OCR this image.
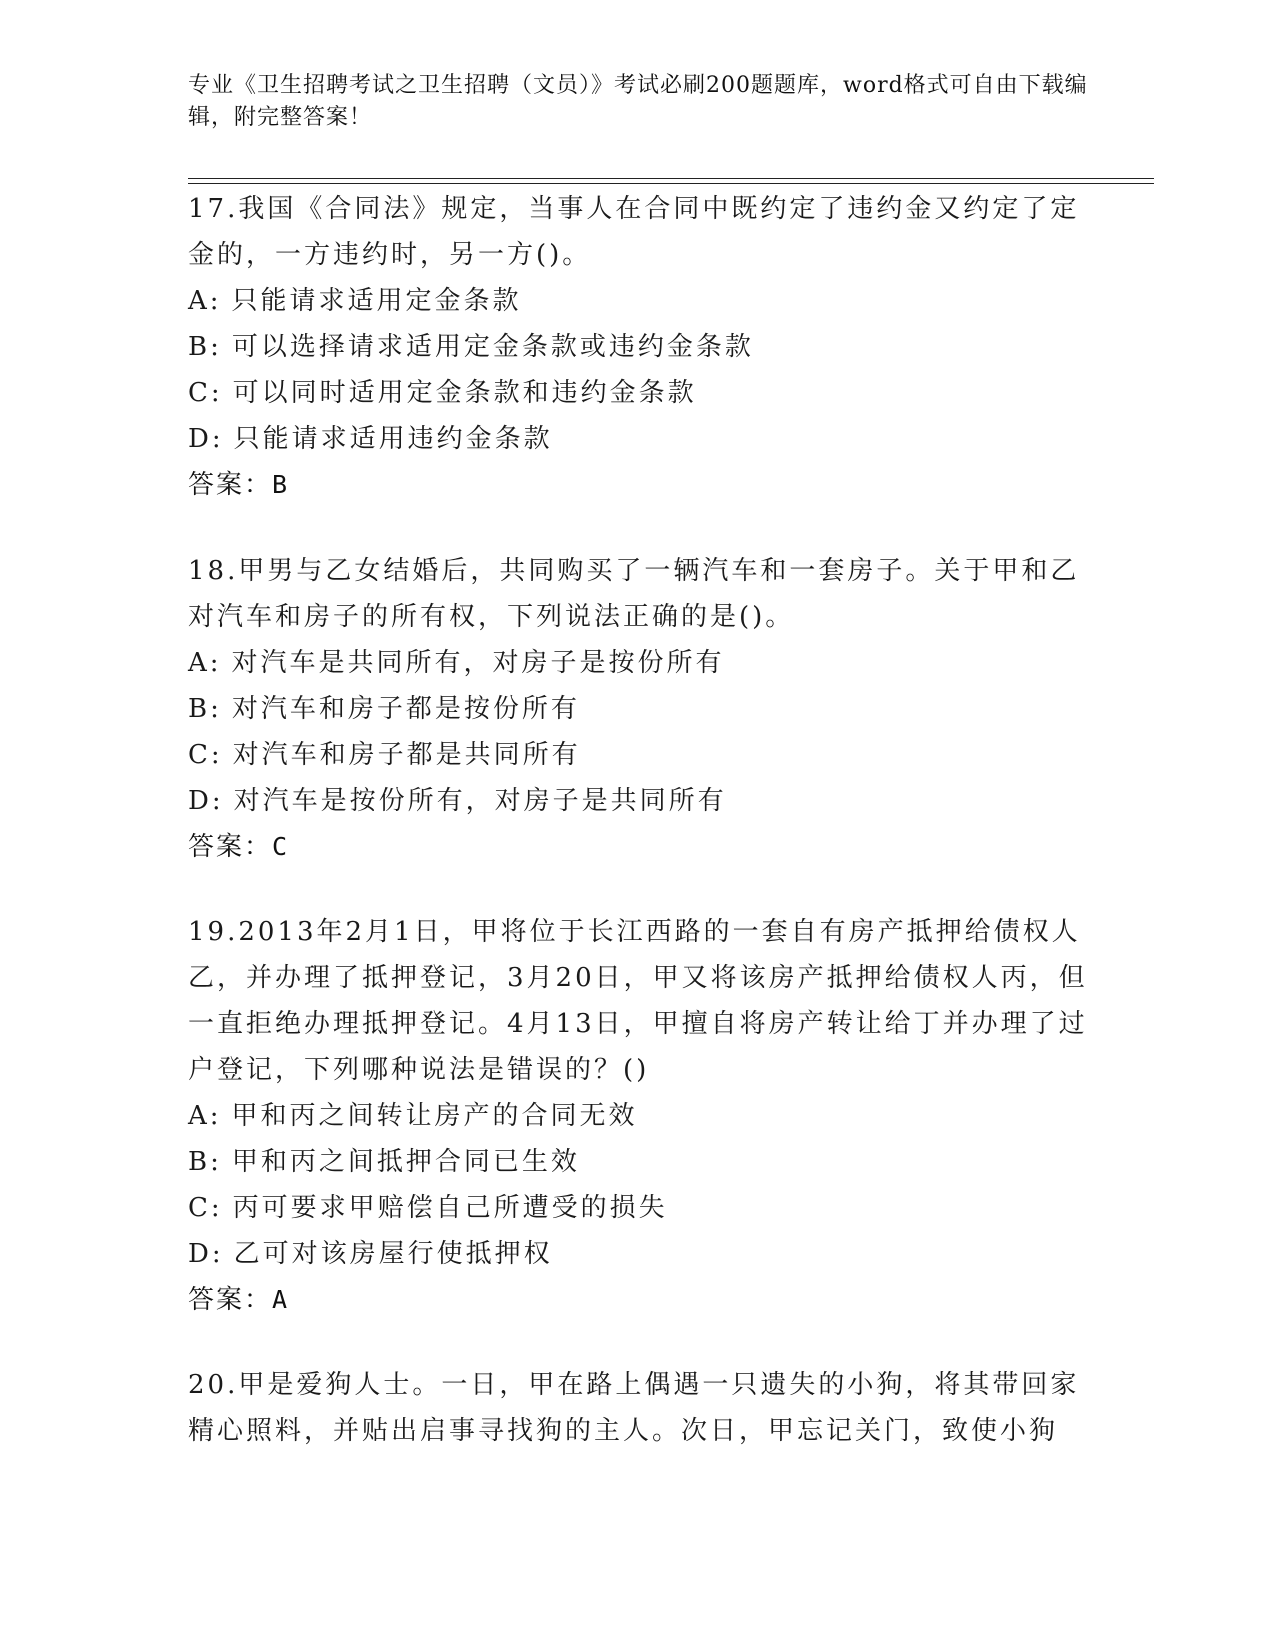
专业《卫生招聘考试之卫生招聘（文员）》考试必刷200题题库，word格式可自由下载编辑，附完整答案！

17.我国《合同法》规定，当事人在合同中既约定了违约金又约定了定金的，一方违约时，另一方()。

A: 只能请求适用定金条款

B: 可以选择请求适用定金条款或违约金条款

C: 可以同时适用定金条款和违约金条款

D: 只能请求适用违约金条款

答案：B

18.甲男与乙女结婚后，共同购买了一辆汽车和一套房子。关于甲和乙对汽车和房子的所有权，下列说法正确的是()。

A: 对汽车是共同所有，对房子是按份所有

B: 对汽车和房子都是按份所有

C: 对汽车和房子都是共同所有

D: 对汽车是按份所有，对房子是共同所有

答案：C

19.2013年2月1日，甲将位于长江西路的一套自有房产抵押给债权人乙，并办理了抵押登记，3月20日，甲又将该房产抵押给债权人丙，但一直拒绝办理抵押登记。4月13日，甲擅自将房产转让给丁并办理了过户登记，下列哪种说法是错误的？()

A: 甲和丙之间转让房产的合同无效

B: 甲和丙之间抵押合同已生效

C: 丙可要求甲赔偿自己所遭受的损失

D: 乙可对该房屋行使抵押权

答案：A

20.甲是爱狗人士。一日，甲在路上偶遇一只遗失的小狗，将其带回家精心照料，并贴出启事寻找狗的主人。次日，甲忘记关门，致使小狗
